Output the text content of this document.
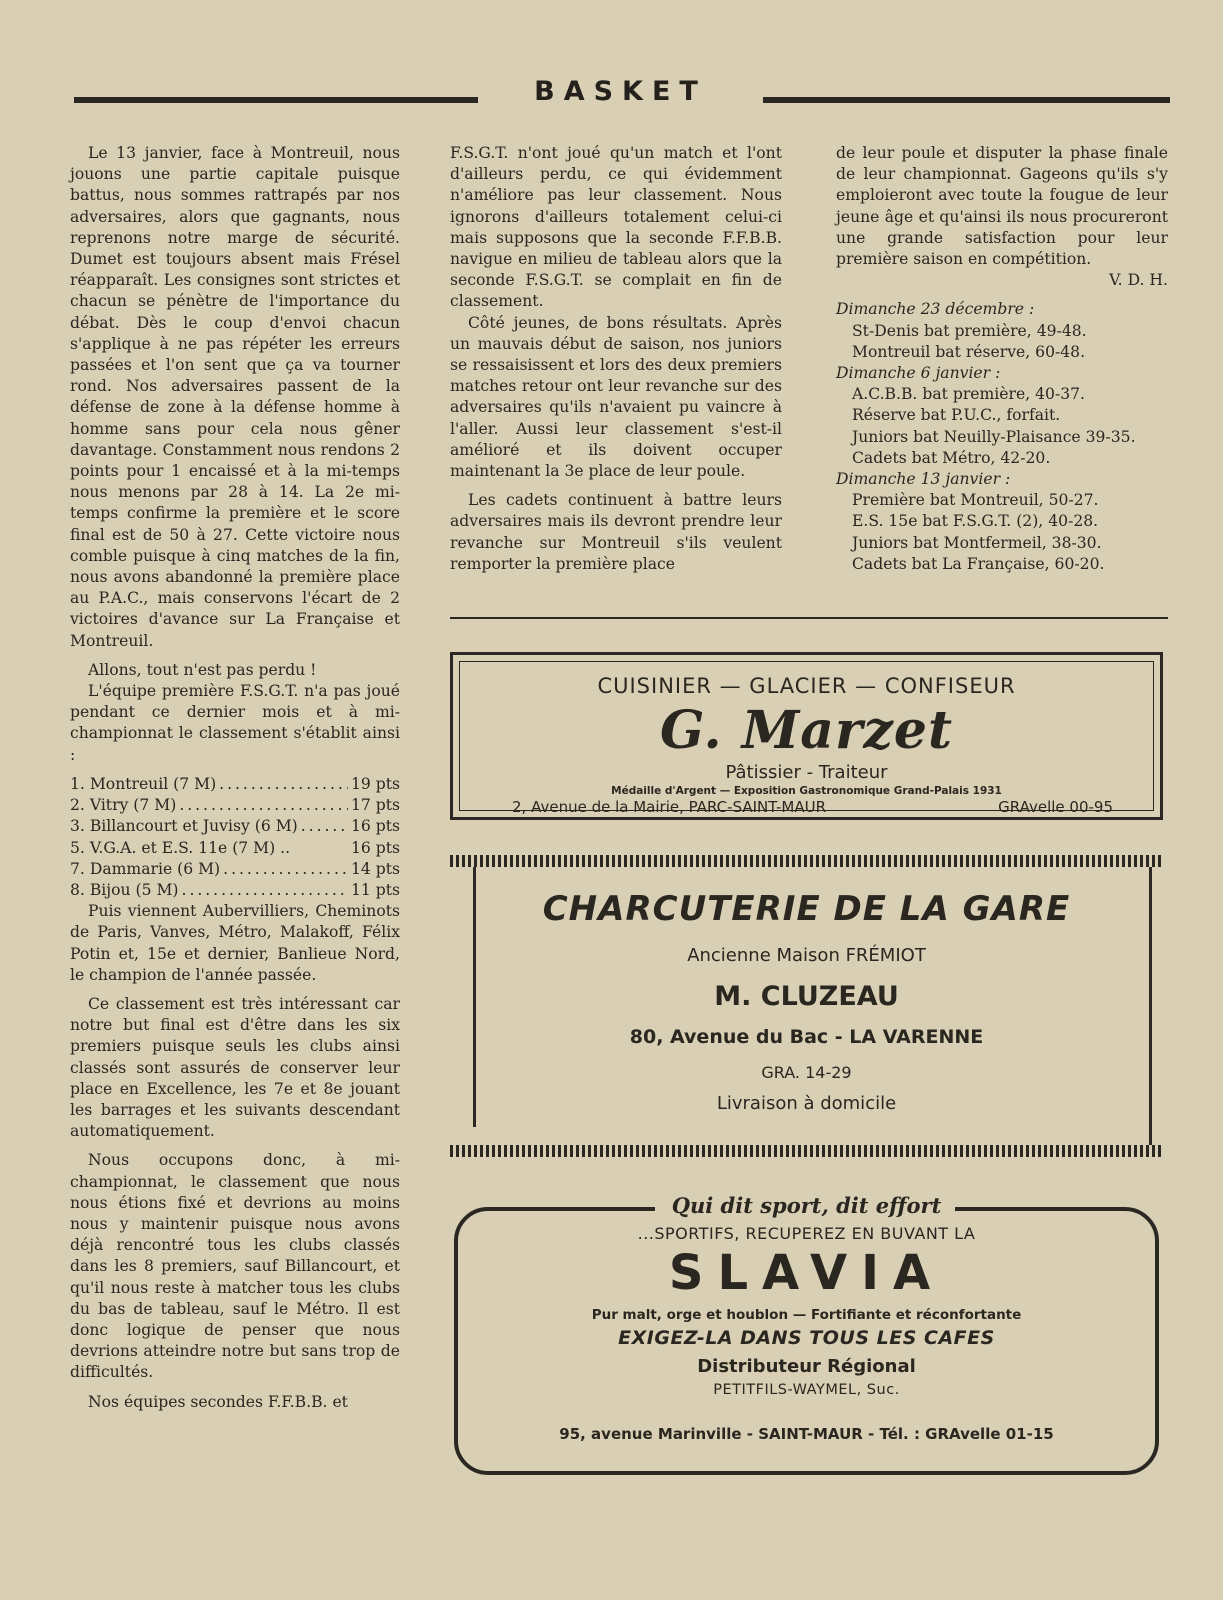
BASKET

Le 13 janvier, face à Montreuil, nous jouons une partie capitale puisque battus, nous sommes rattrapés par nos adversaires, alors que gagnants, nous reprenons notre marge de sécurité. Dumet est toujours absent mais Frésel réapparaît. Les consignes sont strictes et chacun se pénètre de l'importance du débat. Dès le coup d'envoi chacun s'applique à ne pas répéter les erreurs passées et l'on sent que ça va tourner rond. Nos adversaires passent de la défense de zone à la défense homme à homme sans pour cela nous gêner davantage. Constamment nous rendons 2 points pour 1 encaissé et à la mi-temps nous menons par 28 à 14. La 2e mi-temps confirme la première et le score final est de 50 à 27. Cette victoire nous comble puisque à cinq matches de la fin, nous avons abandonné la première place au P.A.C., mais conservons l'écart de 2 victoires d'avance sur La Française et Montreuil.

Allons, tout n'est pas perdu !

L'équipe première F.S.G.T. n'a pas joué pendant ce dernier mois et à mi-championnat le classement s'établit ainsi :

1. Montreuil (7 M) . . .	19 pts
2. Vitry (7 M) . . .	17 pts
3. Billancourt et Juvisy (6 M) . . .	16 pts
5. V.G.A. et E.S. 11e (7 M) ..	16 pts
7. Dammarie (6 M) . . .	14 pts
8. Bijou (5 M) . . .	11 pts

Puis viennent Aubervilliers, Cheminots de Paris, Vanves, Métro, Malakoff, Félix Potin et, 15e et dernier, Banlieue Nord, le champion de l'année passée.

Ce classement est très intéressant car notre but final est d'être dans les six premiers puisque seuls les clubs ainsi classés sont assurés de conserver leur place en Excellence, les 7e et 8e jouant les barrages et les suivants descendant automatiquement.

Nous occupons donc, à mi-championnat, le classement que nous nous étions fixé et devrions au moins nous y maintenir puisque nous avons déjà rencontré tous les clubs classés dans les 8 premiers, sauf Billancourt, et qu'il nous reste à matcher tous les clubs du bas de tableau, sauf le Métro. Il est donc logique de penser que nous devrions atteindre notre but sans trop de difficultés.

Nos équipes secondes F.F.B.B. et

F.S.G.T. n'ont joué qu'un match et l'ont d'ailleurs perdu, ce qui évidemment n'améliore pas leur classement. Nous ignorons d'ailleurs totalement celui-ci mais supposons que la seconde F.F.B.B. navigue en milieu de tableau alors que la seconde F.S.G.T. se complait en fin de classement.

Côté jeunes, de bons résultats. Après un mauvais début de saison, nos juniors se ressaisissent et lors des deux premiers matches retour ont leur revanche sur des adversaires qu'ils n'avaient pu vaincre à l'aller. Aussi leur classement s'est-il amélioré et ils doivent occuper maintenant la 3e place de leur poule.

Les cadets continuent à battre leurs adversaires mais ils devront prendre leur revanche sur Montreuil s'ils veulent remporter la première place

de leur poule et disputer la phase finale de leur championnat. Gageons qu'ils s'y emploieront avec toute la fougue de leur jeune âge et qu'ainsi ils nous procureront une grande satisfaction pour leur première saison en compétition.

V. D. H.

Dimanche 23 décembre :

St-Denis bat première, 49-48.

Montreuil bat réserve, 60-48.

Dimanche 6 janvier :

A.C.B.B. bat première, 40-37.

Réserve bat P.U.C., forfait.

Juniors bat Neuilly-Plaisance 39-35.

Cadets bat Métro, 42-20.

Dimanche 13 janvier :

Première bat Montreuil, 50-27.

E.S. 15e bat F.S.G.T. (2), 40-28.

Juniors bat Montfermeil, 38-30.

Cadets bat La Française, 60-20.

CUISINIER — GLACIER — CONFISEUR
G. Marzet
Pâtissier - Traiteur
Médaille d'Argent — Exposition Gastronomique Grand-Palais 1931
2, Avenue de la Mairie, PARC-SAINT-MAUR	GRAvelle 00-95
CHARCUTERIE DE LA GARE
Ancienne Maison FRÉMIOT
M. CLUZEAU
80, Avenue du Bac - LA VARENNE
GRA. 14-29
Livraison à domicile
Qui dit sport, dit effort
...SPORTIFS, RECUPEREZ EN BUVANT LA
SLAVIA
Pur malt, orge et houblon — Fortifiante et réconfortante
EXIGEZ-LA DANS TOUS LES CAFES
Distributeur Régional
PETITFILS-WAYMEL, Suc.
95, avenue Marinville - SAINT-MAUR - Tél. : GRAvelle 01-15
